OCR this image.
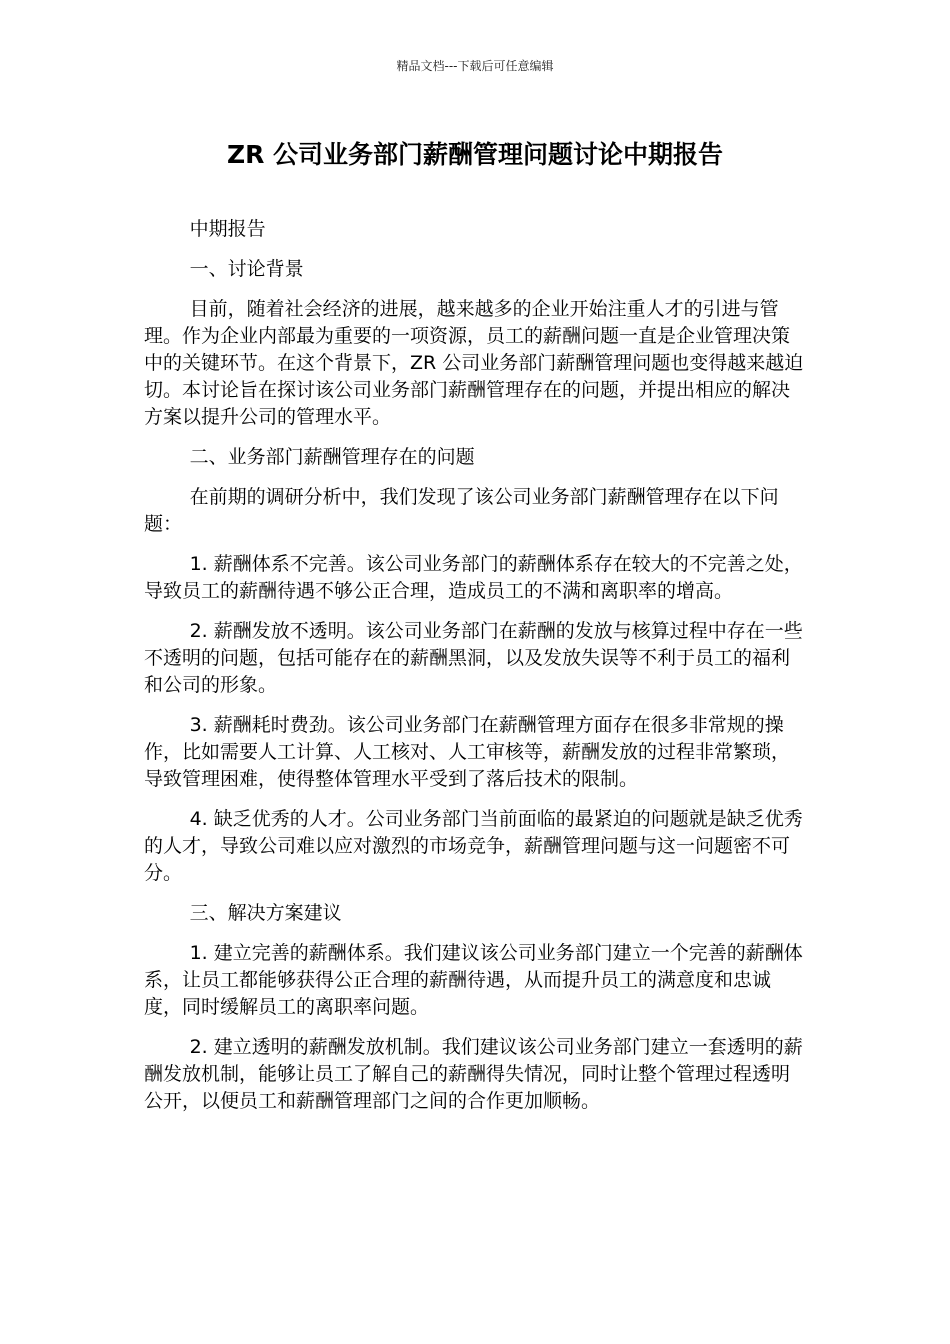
精品文档---下载后可任意编辑
ZR 公司业务部门薪酬管理问题讨论中期报告

中期报告

一、讨论背景

目前，随着社会经济的进展，越来越多的企业开始注重人才的引进与管理。作为企业内部最为重要的一项资源，员工的薪酬问题一直是企业管理决策中的关键环节。在这个背景下，ZR 公司业务部门薪酬管理问题也变得越来越迫切。本讨论旨在探讨该公司业务部门薪酬管理存在的问题，并提出相应的解决方案以提升公司的管理水平。

二、业务部门薪酬管理存在的问题

在前期的调研分析中，我们发现了该公司业务部门薪酬管理存在以下问题：

1. 薪酬体系不完善。该公司业务部门的薪酬体系存在较大的不完善之处，导致员工的薪酬待遇不够公正合理，造成员工的不满和离职率的增高。

2. 薪酬发放不透明。该公司业务部门在薪酬的发放与核算过程中存在一些不透明的问题，包括可能存在的薪酬黑洞，以及发放失误等不利于员工的福利和公司的形象。

3. 薪酬耗时费劲。该公司业务部门在薪酬管理方面存在很多非常规的操作，比如需要人工计算、人工核对、人工审核等，薪酬发放的过程非常繁琐，导致管理困难，使得整体管理水平受到了落后技术的限制。

4. 缺乏优秀的人才。公司业务部门当前面临的最紧迫的问题就是缺乏优秀的人才，导致公司难以应对激烈的市场竞争，薪酬管理问题与这一问题密不可分。

三、解决方案建议

1. 建立完善的薪酬体系。我们建议该公司业务部门建立一个完善的薪酬体系，让员工都能够获得公正合理的薪酬待遇，从而提升员工的满意度和忠诚度，同时缓解员工的离职率问题。

2. 建立透明的薪酬发放机制。我们建议该公司业务部门建立一套透明的薪酬发放机制，能够让员工了解自己的薪酬得失情况，同时让整个管理过程透明公开，以便员工和薪酬管理部门之间的合作更加顺畅。
